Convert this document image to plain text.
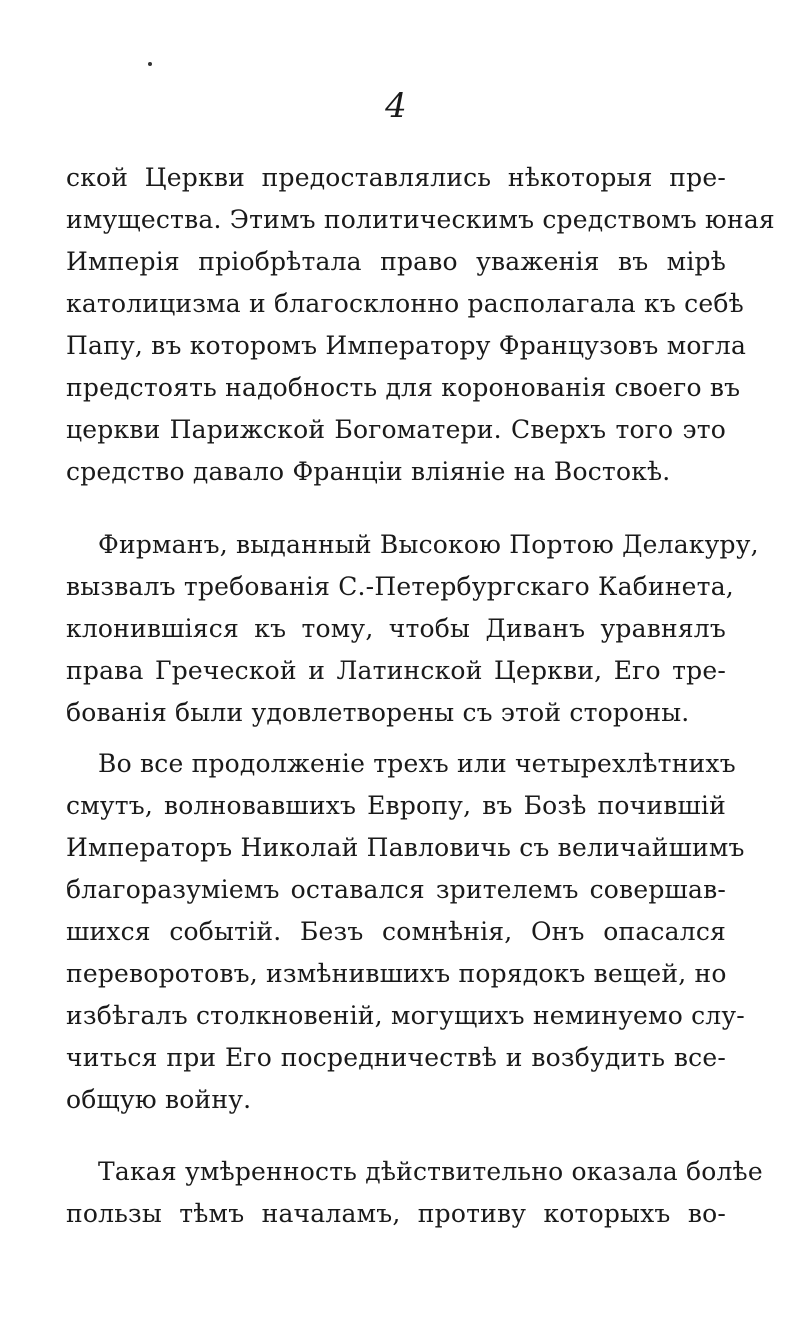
4
ской Церкви предоставлялись нѣкоторыя пре-
имущества. Этимъ политическимъ средствомъ юная
Имперія пріобрѣтала право уваженія въ мірѣ
католицизма и благосклонно располагала къ себѣ
Папу, въ которомъ Императору Французовъ могла
предстоять надобность для коронованія своего въ
церкви Парижской Богоматери. Сверхъ того это
средство давало Франціи вліяніе на Востокѣ.
Фирманъ, выданный Высокою Портою Делакуру,
вызвалъ требованія С.-Петербургскаго Кабинета,
клонившіяся къ тому, чтобы Диванъ уравнялъ
права Греческой и Латинской Церкви, Его тре-
бованія были удовлетворены съ этой стороны.
Во все продолженіе трехъ или четырехлѣтнихъ
смутъ, волновавшихъ Европу, въ Бозѣ почившій
Императоръ Николай Павловичь съ величайшимъ
благоразуміемъ оставался зрителемъ совершав-
шихся событій. Безъ сомнѣнія, Онъ опасался
переворотовъ, измѣнившихъ порядокъ вещей, но
избѣгалъ столкновеній, могущихъ неминуемо слу-
читься при Его посредничествѣ и возбудить все-
общую войну.
Такая умѣренность дѣйствительно оказала болѣе
пользы тѣмъ началамъ, противу которыхъ во-
